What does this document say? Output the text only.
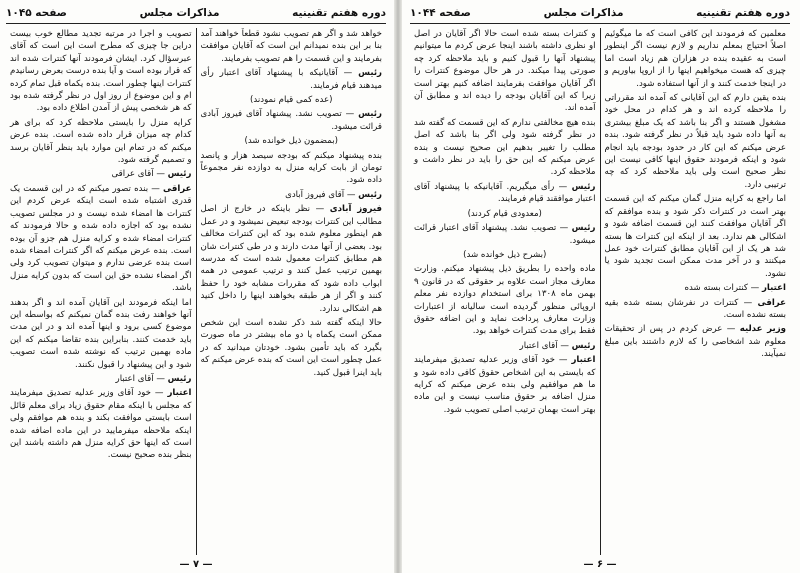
دوره هفتم تقنینیه
مذاکرات مجلس
صفحه ۱۰۴۵

خواهد شد و اگر هم تصویب نشود قطعاً خواهند آمد بنا بر این بنده نمیدانم این است که آقایان موافقت بفرمایند و این قسمت را هم تصویب بفرمایند.

رئیس — آقایانیکه با پیشنهاد آقای اعتبار رأی میدهند قیام فرمایند.

(عده کمی قیام نمودند)

رئیس — تصویب نشد. پیشنهاد آقای فیروز آبادی قرائت میشود.

(بمضمون ذیل خوانده شد)

بنده پیشنهاد میکنم که بودجه سیصد هزار و پانصد تومان از بابت کرایه منزل به دوازده نفر مجموعاً داده شود.

رئیس — آقای فیروز آبادی

فیروز آبادی — نظر باینکه در خارج از اصل مطالب این کنترات بودجه تبعیض نمیشود و در عمل هم اینطور معلوم شده بود که این کنترات مخالف بود. بعضی از آنها مدت دارند و در طی کنترات شان هم مطابق کنترات معمول شده است که مدرسه بهمین ترتیب عمل کنند و ترتیب عمومی در همه ابواب داده شود که مقررات مشابه خود را حفظ کنند و اگر از هر طبقه بخواهند اینها را داخل کنید هم اشکالی ندارد.

حالا اینکه گفته شد ذکر نشده است این شخص ممکن است یکماه یا دو ماه بیشتر در ماه صورت بگیرد که باید تأمین بشود. خودتان میدانید که در عمل چطور است این است که بنده عرض میکنم که باید اینرا قبول کنید.

تصویب و اجرا در مرتبه تجدید مطالع خوب بیست دراین جا چیزی که مطرح است این است که آقای عبرسؤال کرد. ایشان فرمودند آنها کنترات شده اند که قرار بوده است و آیا بنده درست بعرض رسانیدم کنترات اینها چطور است. بنده یکماه قبل تمام کرده ام و این موضوع از روز اول در نظر گرفته شده بود که هر شخصی پیش از آمدن اطلاع داده بود.

کرایه منزل را بایستی ملاحظه کرد که برای هر کدام چه میزان قرار داده شده است. بنده عرض میکنم که در تمام این موارد باید بنظر آقایان برسد و تصمیم گرفته شود.

رئیس — آقای عراقی

عراقی — بنده تصور میکنم که در این قسمت یک قدری اشتباه شده است اینکه عرض کردم این کنترات ها امضاء شده نیست و در مجلس تصویب نشده بود که اجازه داده شده و حالا فرمودند که کنترات امضاء شده و کرایه منزل هم جزو آن بوده است. بنده عرض میکنم که اگر کنترات امضاء شده است بنده عرضی ندارم و میتوان تصویب کرد ولی اگر امضاء نشده حق این است که بدون کرایه منزل باشد.

اما اینکه فرمودند این آقایان آمده اند و اگر بدهند آنها خواهند رفت بنده گمان نمیکنم که بواسطه این موضوع کسی برود و اینها آمده اند و در این مدت باید خدمت کنند. بنابراین بنده تقاضا میکنم که این ماده بهمین ترتیب که نوشته شده است تصویب شود و این پیشنهاد را قبول نکنند.

رئیس — آقای اعتبار

اعتبار — خود آقای وزیر عدلیه تصدیق میفرمایند که مجلس با اینکه مقام حقوق زیاد برای معلم قائل است بایستی موافقت بکند و بنده هم موافقم ولی اینکه ملاحظه میفرمایید در این ماده اضافه شده است که اینها حق کرایه منزل هم داشته باشند این بنظر بنده صحیح نیست.

— ۷ —
دوره هفتم تقنینیه
مذاکرات مجلس
صفحه ۱۰۴۴

معلمین که فرمودند این کافی است که ما میگوئیم اصلاً احتیاج بمعلم نداریم و لازم نیست اگر اینطور است به عقیده بنده در هزاران هم زیاد است اما چیزی که هست میخواهیم اینها را از اروپا بیاوریم و در اینجا خدمت کنند و از آنها استفاده شود.

بنده یقین دارم که این آقایانی که آمده اند مقرراتی را ملاحظه کرده اند و هر کدام در محل خود مشغول هستند و اگر بنا باشد که یک مبلغ بیشتری به آنها داده شود باید قبلاً در نظر گرفته شود. بنده عرض میکنم که این کار در حدود بودجه باید انجام شود و اینکه فرمودند حقوق اینها کافی نیست این نظر صحیح است ولی باید ملاحظه کرد که چه ترتیبی دارد.

اما راجع به کرایه منزل گمان میکنم که این قسمت بهتر است در کنترات ذکر شود و بنده موافقم که اگر آقایان موافقت کنند این قسمت اضافه شود و اشکالی هم ندارد. بعد از اینکه این کنترات ها بسته شد هر یک از این آقایان مطابق کنترات خود عمل میکنند و در آخر مدت ممکن است تجدید شود یا نشود.

اعتبار — کنترات بسته شده

عراقی — کنترات در نفرشان بسته شده بقیه بسته نشده است.

وزیر عدلیه — عرض کردم در پس از تحقیقات معلوم شد اشخاصی را که لازم داشتند باین مبلغ نمیآیند.

و کنترات بسته شده است حالا اگر آقایان در اصل او نظری داشته باشند اینجا عرض کردم ما میتوانیم پیشنهاد آنها را قبول کنیم و باید ملاحظه کرد چه صورتی پیدا میکند. در هر حال موضوع کنترات را اگر آقایان موافقت بفرمایند اضافه کنیم بهتر است زیرا که این آقایان بودجه را دیده اند و مطابق آن آمده اند.

بنده هیچ مخالفتی ندارم که این قسمت که گفته شد در نظر گرفته شود ولی اگر بنا باشد که اصل مطلب را تغییر بدهیم این صحیح نیست و بنده عرض میکنم که این حق را باید در نظر داشت و ملاحظه کرد.

رئیس — رأی میگیریم. آقایانیکه با پیشنهاد آقای اعتبار موافقند قیام فرمایند.

(معدودی قیام کردند)

رئیس — تصویب نشد. پیشنهاد آقای اعتبار قرائت میشود.

(بشرح ذیل خوانده شد)

ماده واحده را بطریق ذیل پیشنهاد میکنم. وزارت معارف مجاز است علاوه بر حقوقی که در قانون ۹ بهمن ماه ۱۳۰۸ برای استخدام دوازده نفر معلم اروپائی منظور گردیده است سالیانه از اعتبارات وزارت معارف پرداخت نماید و این اضافه حقوق فقط برای مدت کنترات خواهد بود.

رئیس — آقای اعتبار

اعتبار — خود آقای وزیر عدلیه تصدیق میفرمایند که بایستی به این اشخاص حقوق کافی داده شود و ما هم موافقیم ولی بنده عرض میکنم که کرایه منزل اضافه بر حقوق مناسب نیست و این ماده بهتر است بهمان ترتیب اصلی تصویب شود.

— ۶ —
